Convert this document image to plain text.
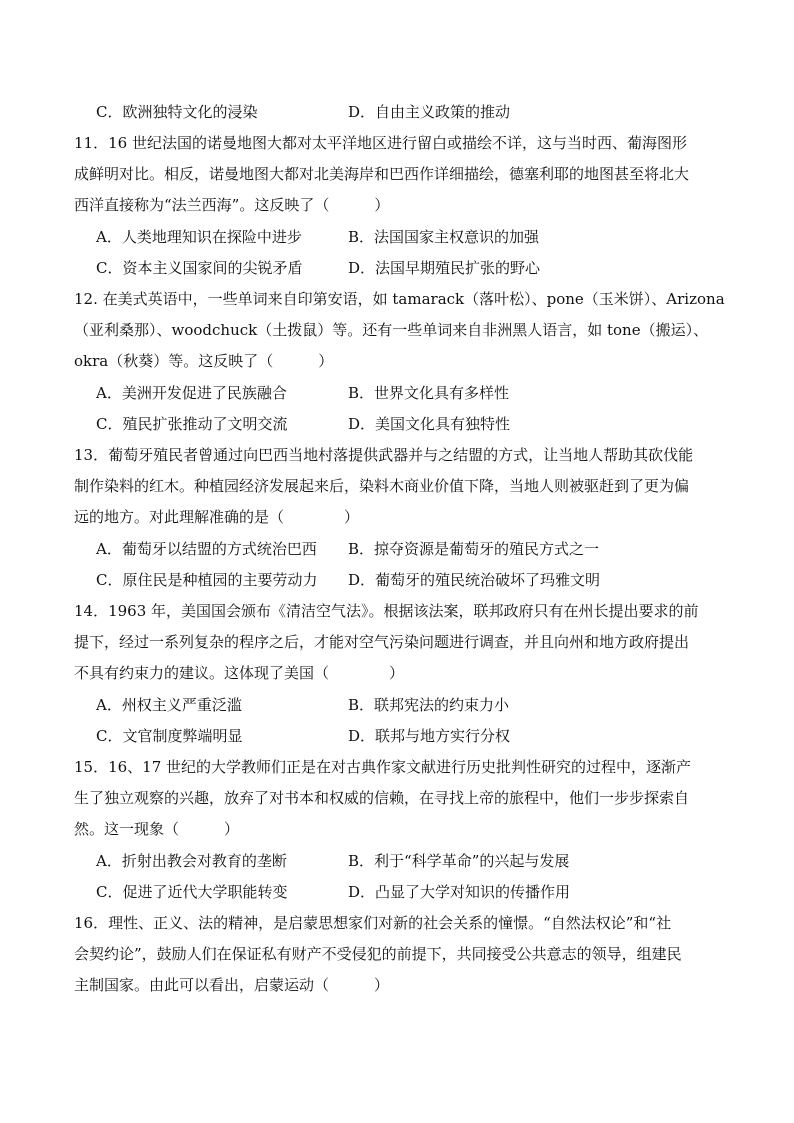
C．欧洲独特文化的浸染	D．自由主义政策的推动
11．16 世纪法国的诺曼地图大都对太平洋地区进行留白或描绘不详，这与当时西、葡海图形
成鲜明对比。相反，诺曼地图大都对北美海岸和巴西作详细描绘，德塞利耶的地图甚至将北大
西洋直接称为“法兰西海”。这反映了（　　　）
A．人类地理知识在探险中进步	B．法国国家主权意识的加强
C．资本主义国家间的尖锐矛盾	D．法国早期殖民扩张的野心
12. 在美式英语中，一些单词来自印第安语，如 tamarack（落叶松）、pone（玉米饼）、Arizona
（亚利桑那）、woodchuck（土拨鼠）等。还有一些单词来自非洲黑人语言，如 tone（搬运）、
okra（秋葵）等。这反映了（　　　）
A．美洲开发促进了民族融合	B．世界文化具有多样性
C．殖民扩张推动了文明交流	D．美国文化具有独特性
13．葡萄牙殖民者曾通过向巴西当地村落提供武器并与之结盟的方式，让当地人帮助其砍伐能
制作染料的红木。种植园经济发展起来后，染料木商业价值下降，当地人则被驱赶到了更为偏
远的地方。对此理解准确的是（　　　　）
A．葡萄牙以结盟的方式统治巴西 B．掠夺资源是葡萄牙的殖民方式之一
C．原住民是种植园的主要劳动力 D．葡萄牙的殖民统治破坏了玛雅文明
14．1963 年，美国国会颁布《清洁空气法》。根据该法案，联邦政府只有在州长提出要求的前
提下，经过一系列复杂的程序之后，才能对空气污染问题进行调查，并且向州和地方政府提出
不具有约束力的建议。这体现了美国（　　　　）
A．州权主义严重泛滥	B．联邦宪法的约束力小
C．文官制度弊端明显	D．联邦与地方实行分权
15．16、17 世纪的大学教师们正是在对古典作家文献进行历史批判性研究的过程中，逐渐产
生了独立观察的兴趣，放弃了对书本和权威的信赖，在寻找上帝的旅程中，他们一步步探索自
然。这一现象（　　　）
A．折射出教会对教育的垄断	B．利于“科学革命”的兴起与发展
C．促进了近代大学职能转变	D．凸显了大学对知识的传播作用
16．理性、正义、法的精神，是启蒙思想家们对新的社会关系的憧憬。“自然法权论”和“社
会契约论”，鼓励人们在保证私有财产不受侵犯的前提下，共同接受公共意志的领导，组建民
主制国家。由此可以看出，启蒙运动（　　　）
